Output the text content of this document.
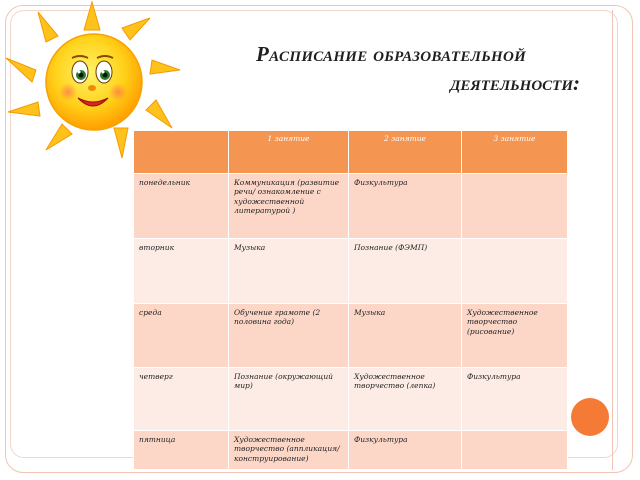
Расписание образовательной
деятельности:
	1 занятие	2 занятие	3 занятие
понедельник	Коммуникация (развитие речи/ ознакомление с художественной литературой )	Физкультура	
вторник	Музыка	Познание (ФЭМП)	
среда	Обучение грамоте (2 половина года)	Музыка	Художественное творчество (рисование)
четверг	Познание (окружающий мир)	Художественное творчество (лепка)	Физкультура
пятница	Художественное творчество (аппликация/ конструирование)	Физкультура	
